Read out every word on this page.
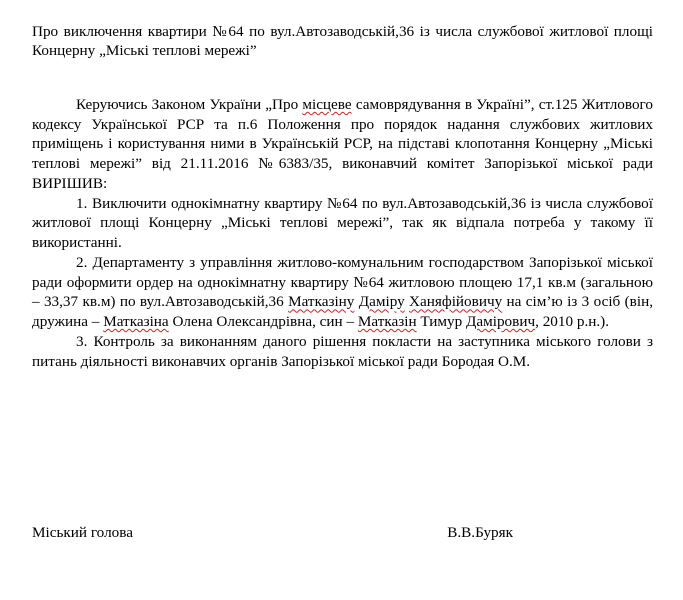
Про виключення квартири №64 по вул.Автозаводській,36 із числа службової житлової площі Концерну „Міські теплові мережі”

Керуючись Законом України „Про місцеве самоврядування в Україні”, ст.125 Житлового кодексу Української РСР та п.6 Положення про порядок надання службових житлових приміщень і користування ними в Українській РСР, на підставі клопотання Концерну „Міські теплові мережі” від 21.11.2016 №6383/35, виконавчий комітет Запорізької міської ради ВИРІШИВ:

1. Виключити однокімнатну квартиру №64 по вул.Автозаводській,36 із числа службової житлової площі Концерну „Міські теплові мережі”, так як відпала потреба у такому її використанні.

2. Департаменту з управління житлово-комунальним господарством Запорізької міської ради оформити ордер на однокімнатну квартиру №64 житловою площею 17,1 кв.м (загальною – 33,37 кв.м) по вул.Автозаводській,36 Матказіну Даміру Ханяфійовичу на сім’ю із 3 осіб (він, дружина – Матказіна Олена Олександрівна, син – Матказін Тимур Дамірович, 2010 р.н.).

3. Контроль за виконанням даного рішення покласти на заступника міського голови з питань діяльності виконавчих органів Запорізької міської ради Бородая О.М.

Міський голова	В.В.Буряк
